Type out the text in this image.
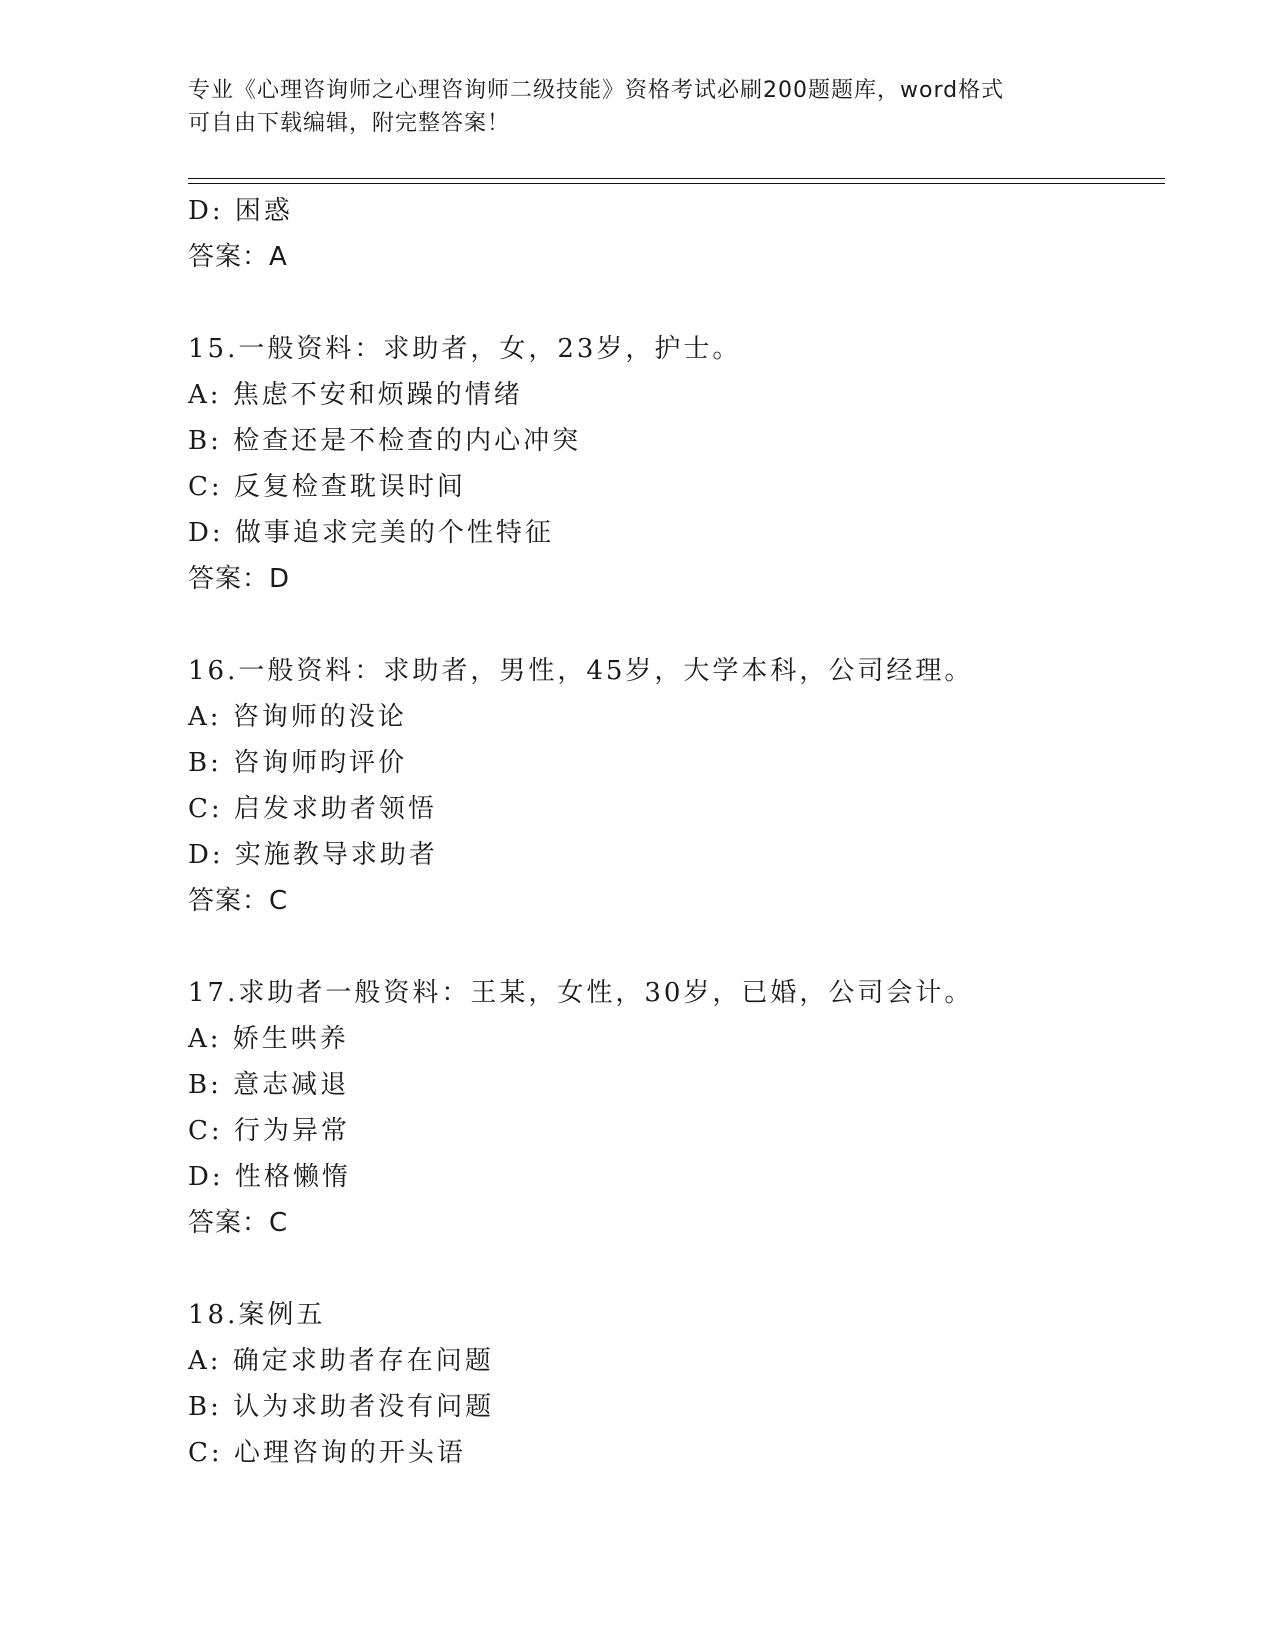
专业《心理咨询师之心理咨询师二级技能》资格考试必刷200题题库，word格式
可自由下载编辑，附完整答案！
D: 困惑
答案：A
15.一般资料：求助者，女，23岁，护士。
A: 焦虑不安和烦躁的情绪
B: 检查还是不检查的内心冲突
C: 反复检查耽误时间
D: 做事追求完美的个性特征
答案：D
16.一般资料：求助者，男性，45岁，大学本科，公司经理。
A: 咨询师的没论
B: 咨询师昀评价
C: 启发求助者领悟
D: 实施教导求助者
答案：C
17.求助者一般资料：王某，女性，30岁，已婚，公司会计。
A: 娇生哄养
B: 意志减退
C: 行为异常
D: 性格懒惰
答案：C
18.案例五
A: 确定求助者存在问题
B: 认为求助者没有问题
C: 心理咨询的开头语
